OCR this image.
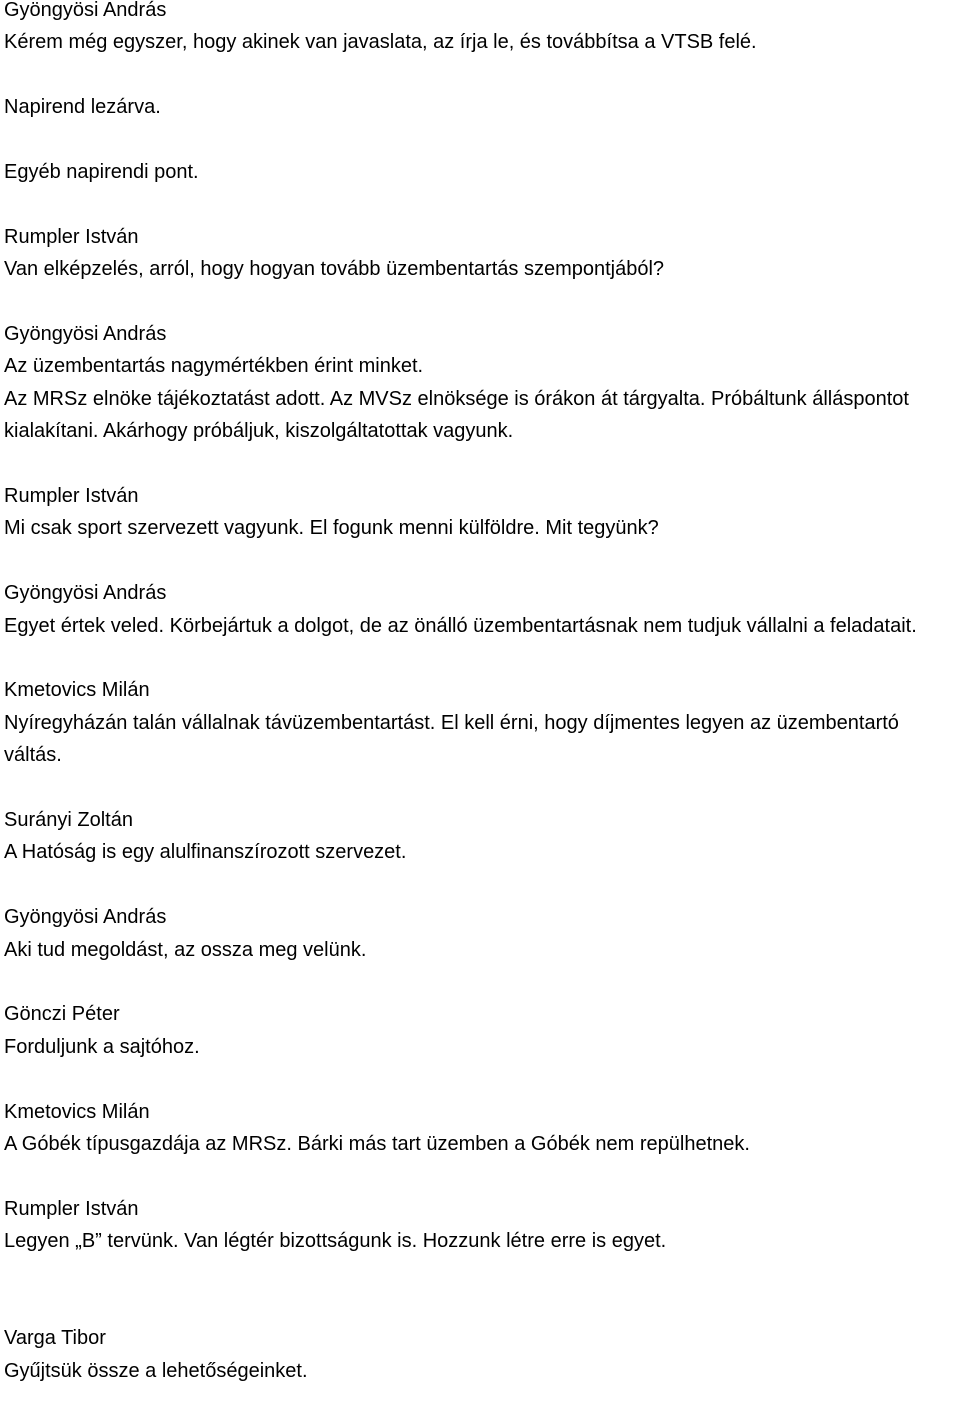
Gyöngyösi András
Kérem még egyszer, hogy akinek van javaslata, az írja le, és továbbítsa a VTSB felé.
Napirend lezárva.
Egyéb napirendi pont.
Rumpler István
Van elképzelés, arról, hogy hogyan tovább üzembentartás szempontjából?
Gyöngyösi András
Az üzembentartás nagymértékben érint minket.
Az MRSz elnöke tájékoztatást adott. Az MVSz elnöksége is órákon át tárgyalta. Próbáltunk álláspontot kialakítani. Akárhogy próbáljuk, kiszolgáltatottak vagyunk.
Rumpler István
Mi csak sport szervezett vagyunk. El fogunk menni külföldre. Mit tegyünk?
Gyöngyösi András
Egyet értek veled. Körbejártuk a dolgot, de az önálló üzembentartásnak nem tudjuk vállalni a feladatait.
Kmetovics Milán
Nyíregyházán talán vállalnak távüzembentartást. El kell érni, hogy díjmentes legyen az üzembentartó váltás.
Surányi Zoltán
A Hatóság is egy alulfinanszírozott szervezet.
Gyöngyösi András
Aki tud megoldást, az ossza meg velünk.
Gönczi Péter
Forduljunk a sajtóhoz.
Kmetovics Milán
A Góbék típusgazdája az MRSz. Bárki más tart üzemben a Góbék nem repülhetnek.
Rumpler István
Legyen „B” tervünk. Van légtér bizottságunk is. Hozzunk létre erre is egyet.
Varga Tibor
Gyűjtsük össze a lehetőségeinket.
